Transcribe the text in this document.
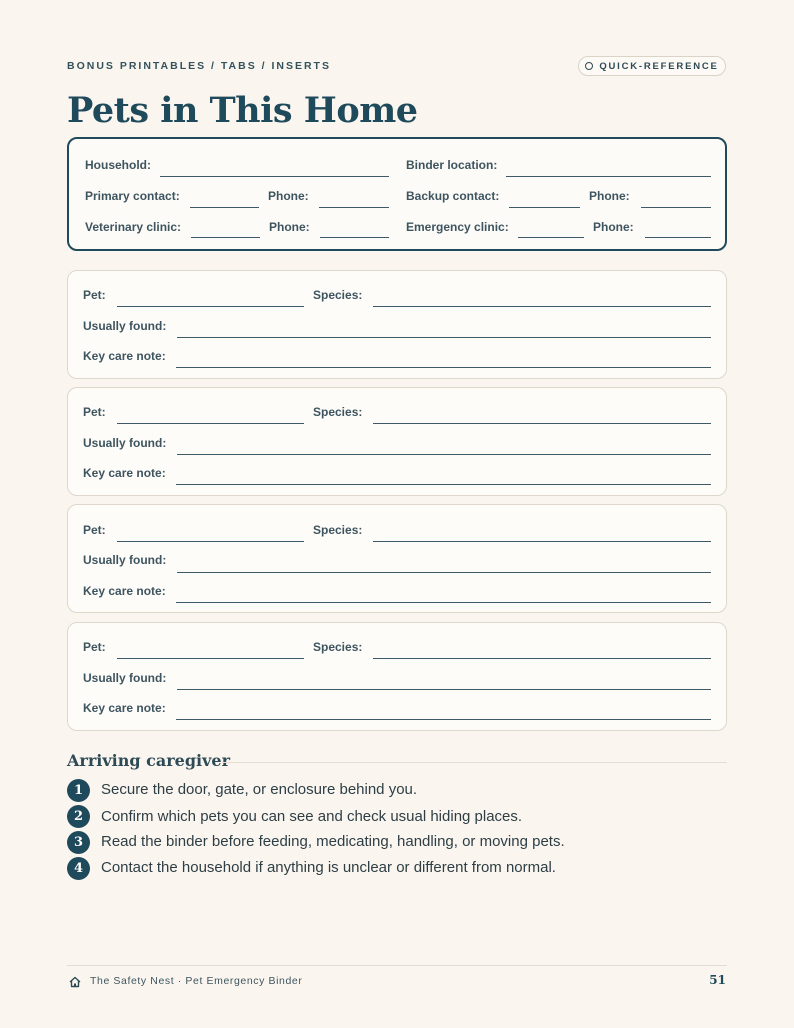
BONUS PRINTABLES / TABS / INSERTS	QUICK-REFERENCE
Pets in This Home
Household:	Binder location:
Primary contact:	Phone:	Backup contact:	Phone:
Veterinary clinic:	Phone:	Emergency clinic:	Phone:
Pet:	Species:
Usually found:
Key care note:
Pet:	Species:
Usually found:
Key care note:
Pet:	Species:
Usually found:
Key care note:
Pet:	Species:
Usually found:
Key care note:
Arriving caregiver
1	Secure the door, gate, or enclosure behind you.
2	Confirm which pets you can see and check usual hiding places.
3	Read the binder before feeding, medicating, handling, or moving pets.
4	Contact the household if anything is unclear or different from normal.
The Safety Nest · Pet Emergency Binder	51
